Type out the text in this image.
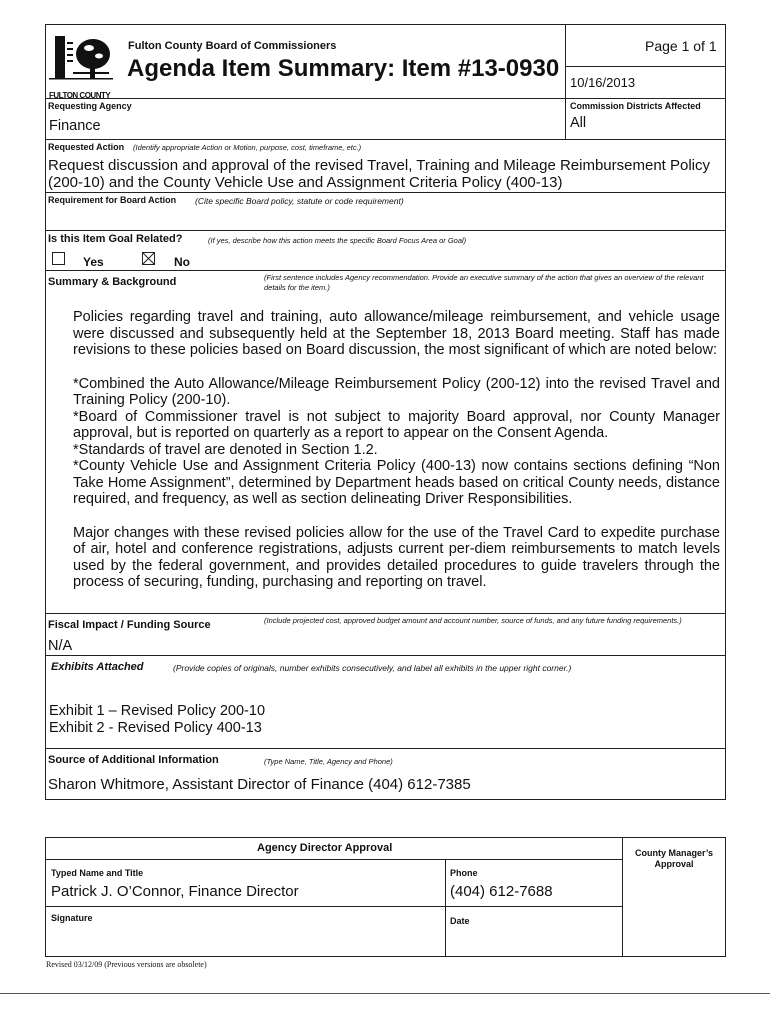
FULTON COUNTY
Fulton County Board of Commissioners
Agenda Item Summary: Item #13-0930
Page 1 of 1
10/16/2013
Requesting Agency
Finance
Commission Districts Affected
All
Requested Action (Identify appropriate Action or Motion, purpose, cost, timeframe, etc.)
Request discussion and approval of the revised Travel, Training and Mileage Reimbursement Policy
(200-10) and the County Vehicle Use and Assignment Criteria Policy (400-13)
Requirement for Board Action (Cite specific Board policy, statute or code requirement)
Is this Item Goal Related?	(If yes, describe how this action meets the specific Board Focus Area or Goal)
Yes	No
Summary & Background	(First sentence includes Agency recommendation. Provide an executive summary of the action that gives an overview of the relevant details for the item.)

Policies regarding travel and training, auto allowance/mileage reimbursement, and vehicle usage were discussed and subsequently held at the September 18, 2013 Board meeting. Staff has made revisions to these policies based on Board discussion, the most significant of which are noted below:

*Combined the Auto Allowance/Mileage Reimbursement Policy (200-12) into the revised Travel and Training Policy (200-10).

*Board of Commissioner travel is not subject to majority Board approval, nor County Manager approval, but is reported on quarterly as a report to appear on the Consent Agenda.

*Standards of travel are denoted in Section 1.2.

*County Vehicle Use and Assignment Criteria Policy (400-13) now contains sections defining “Non Take Home Assignment”, determined by Department heads based on critical County needs, distance required, and frequency, as well as section delineating Driver Responsibilities.

Major changes with these revised policies allow for the use of the Travel Card to expedite purchase of air, hotel and conference registrations, adjusts current per-diem reimbursements to match levels used by the federal government, and provides detailed procedures to guide travelers through the process of securing, funding, purchasing and reporting on travel.

Fiscal Impact / Funding Source	(Include projected cost, approved budget amount and account number, source of funds, and any future funding requirements.)
N/A
Exhibits Attached	(Provide copies of originals, number exhibits consecutively, and label all exhibits in the upper right corner.)
Exhibit 1 – Revised Policy 200-10
Exhibit 2 - Revised Policy 400-13
Source of Additional Information	(Type Name, Title, Agency and Phone)
Sharon Whitmore, Assistant Director of Finance (404) 612-7385
Agency Director Approval	County Manager’s Approval
Typed Name and Title
Patrick J. O’Connor, Finance Director
Phone
(404) 612-7688
Signature	Date
Revised 03/12/09 (Previous versions are obsolete)
